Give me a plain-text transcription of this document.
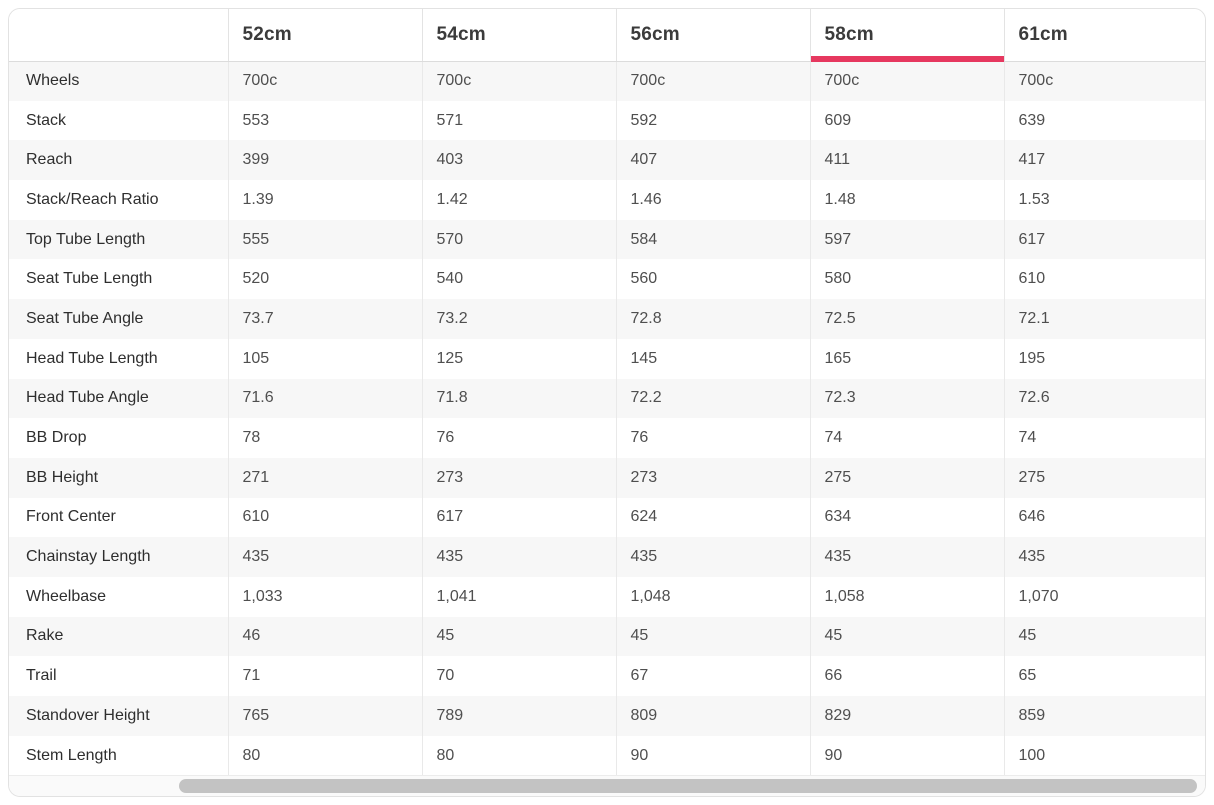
	52cm	54cm	56cm	58cm	61cm
Wheels	700c	700c	700c	700c	700c
Stack	553	571	592	609	639
Reach	399	403	407	411	417
Stack/Reach Ratio	1.39	1.42	1.46	1.48	1.53
Top Tube Length	555	570	584	597	617
Seat Tube Length	520	540	560	580	610
Seat Tube Angle	73.7	73.2	72.8	72.5	72.1
Head Tube Length	105	125	145	165	195
Head Tube Angle	71.6	71.8	72.2	72.3	72.6
BB Drop	78	76	76	74	74
BB Height	271	273	273	275	275
Front Center	610	617	624	634	646
Chainstay Length	435	435	435	435	435
Wheelbase	1,033	1,041	1,048	1,058	1,070
Rake	46	45	45	45	45
Trail	71	70	67	66	65
Standover Height	765	789	809	829	859
Stem Length	80	80	90	90	100
